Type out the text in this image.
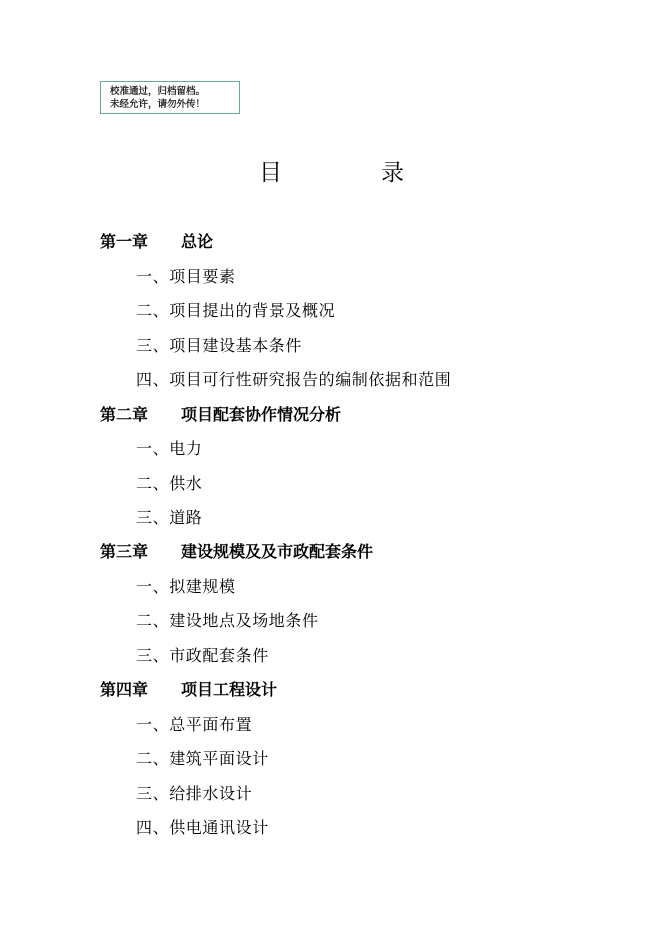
校准通过，归档留档。
未经允许，请勿外传！
目	录
第一章 总论
一、项目要素
二、项目提出的背景及概况
三、项目建设基本条件
四、项目可行性研究报告的编制依据和范围
第二章 项目配套协作情况分析
一、电力
二、供水
三、道路
第三章 建设规模及及市政配套条件
一、拟建规模
二、建设地点及场地条件
三、市政配套条件
第四章 项目工程设计
一、总平面布置
二、建筑平面设计
三、给排水设计
四、供电通讯设计
